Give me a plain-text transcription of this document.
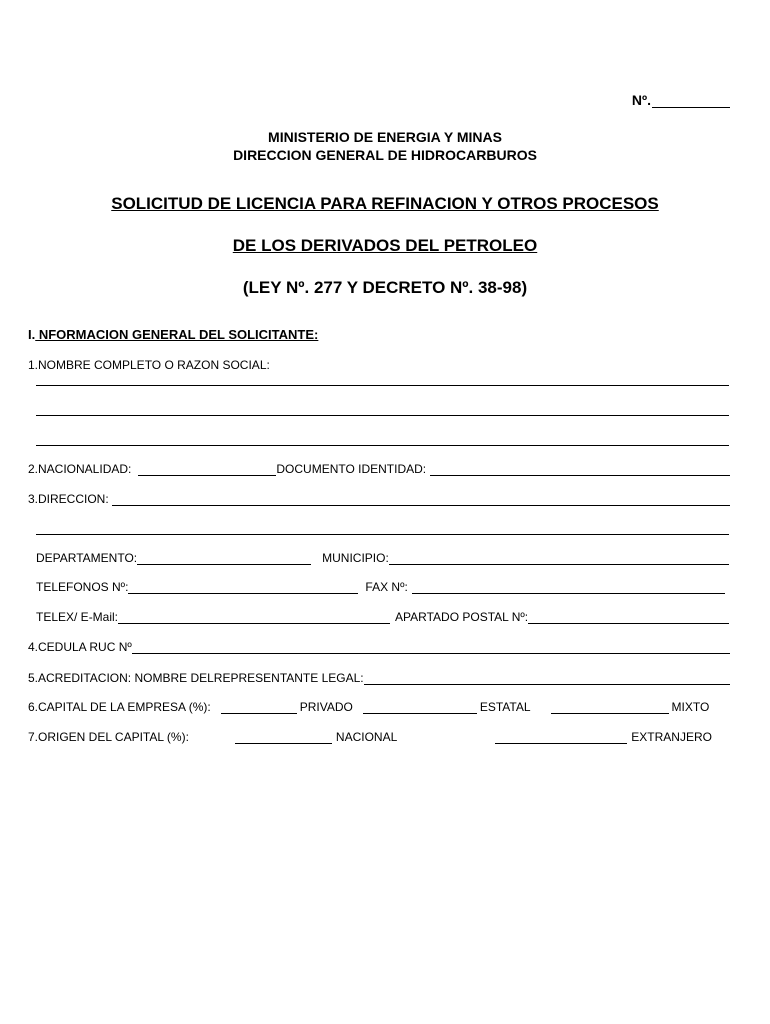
Nº.
MINISTERIO DE ENERGIA Y MINAS
DIRECCION GENERAL DE HIDROCARBUROS
SOLICITUD DE LICENCIA PARA REFINACION Y OTROS PROCESOS
DE LOS DERIVADOS DEL PETROLEO
(LEY Nº. 277 Y DECRETO Nº. 38-98)
I. NFORMACION GENERAL DEL SOLICITANTE:
1.NOMBRE COMPLETO O RAZON SOCIAL:
2.NACIONALIDAD:	DOCUMENTO IDENTIDAD:
3.DIRECCION:
DEPARTAMENTO:	MUNICIPIO:
TELEFONOS Nº:	FAX Nº:
TELEX/ E-Mail:	APARTADO POSTAL Nº:
4.CEDULA RUC Nº
5.ACREDITACION: NOMBRE DELREPRESENTANTE LEGAL:
6.CAPITAL DE LA EMPRESA (%):	PRIVADO	ESTATAL	MIXTO
7.ORIGEN DEL CAPITAL (%):	NACIONAL	EXTRANJERO
